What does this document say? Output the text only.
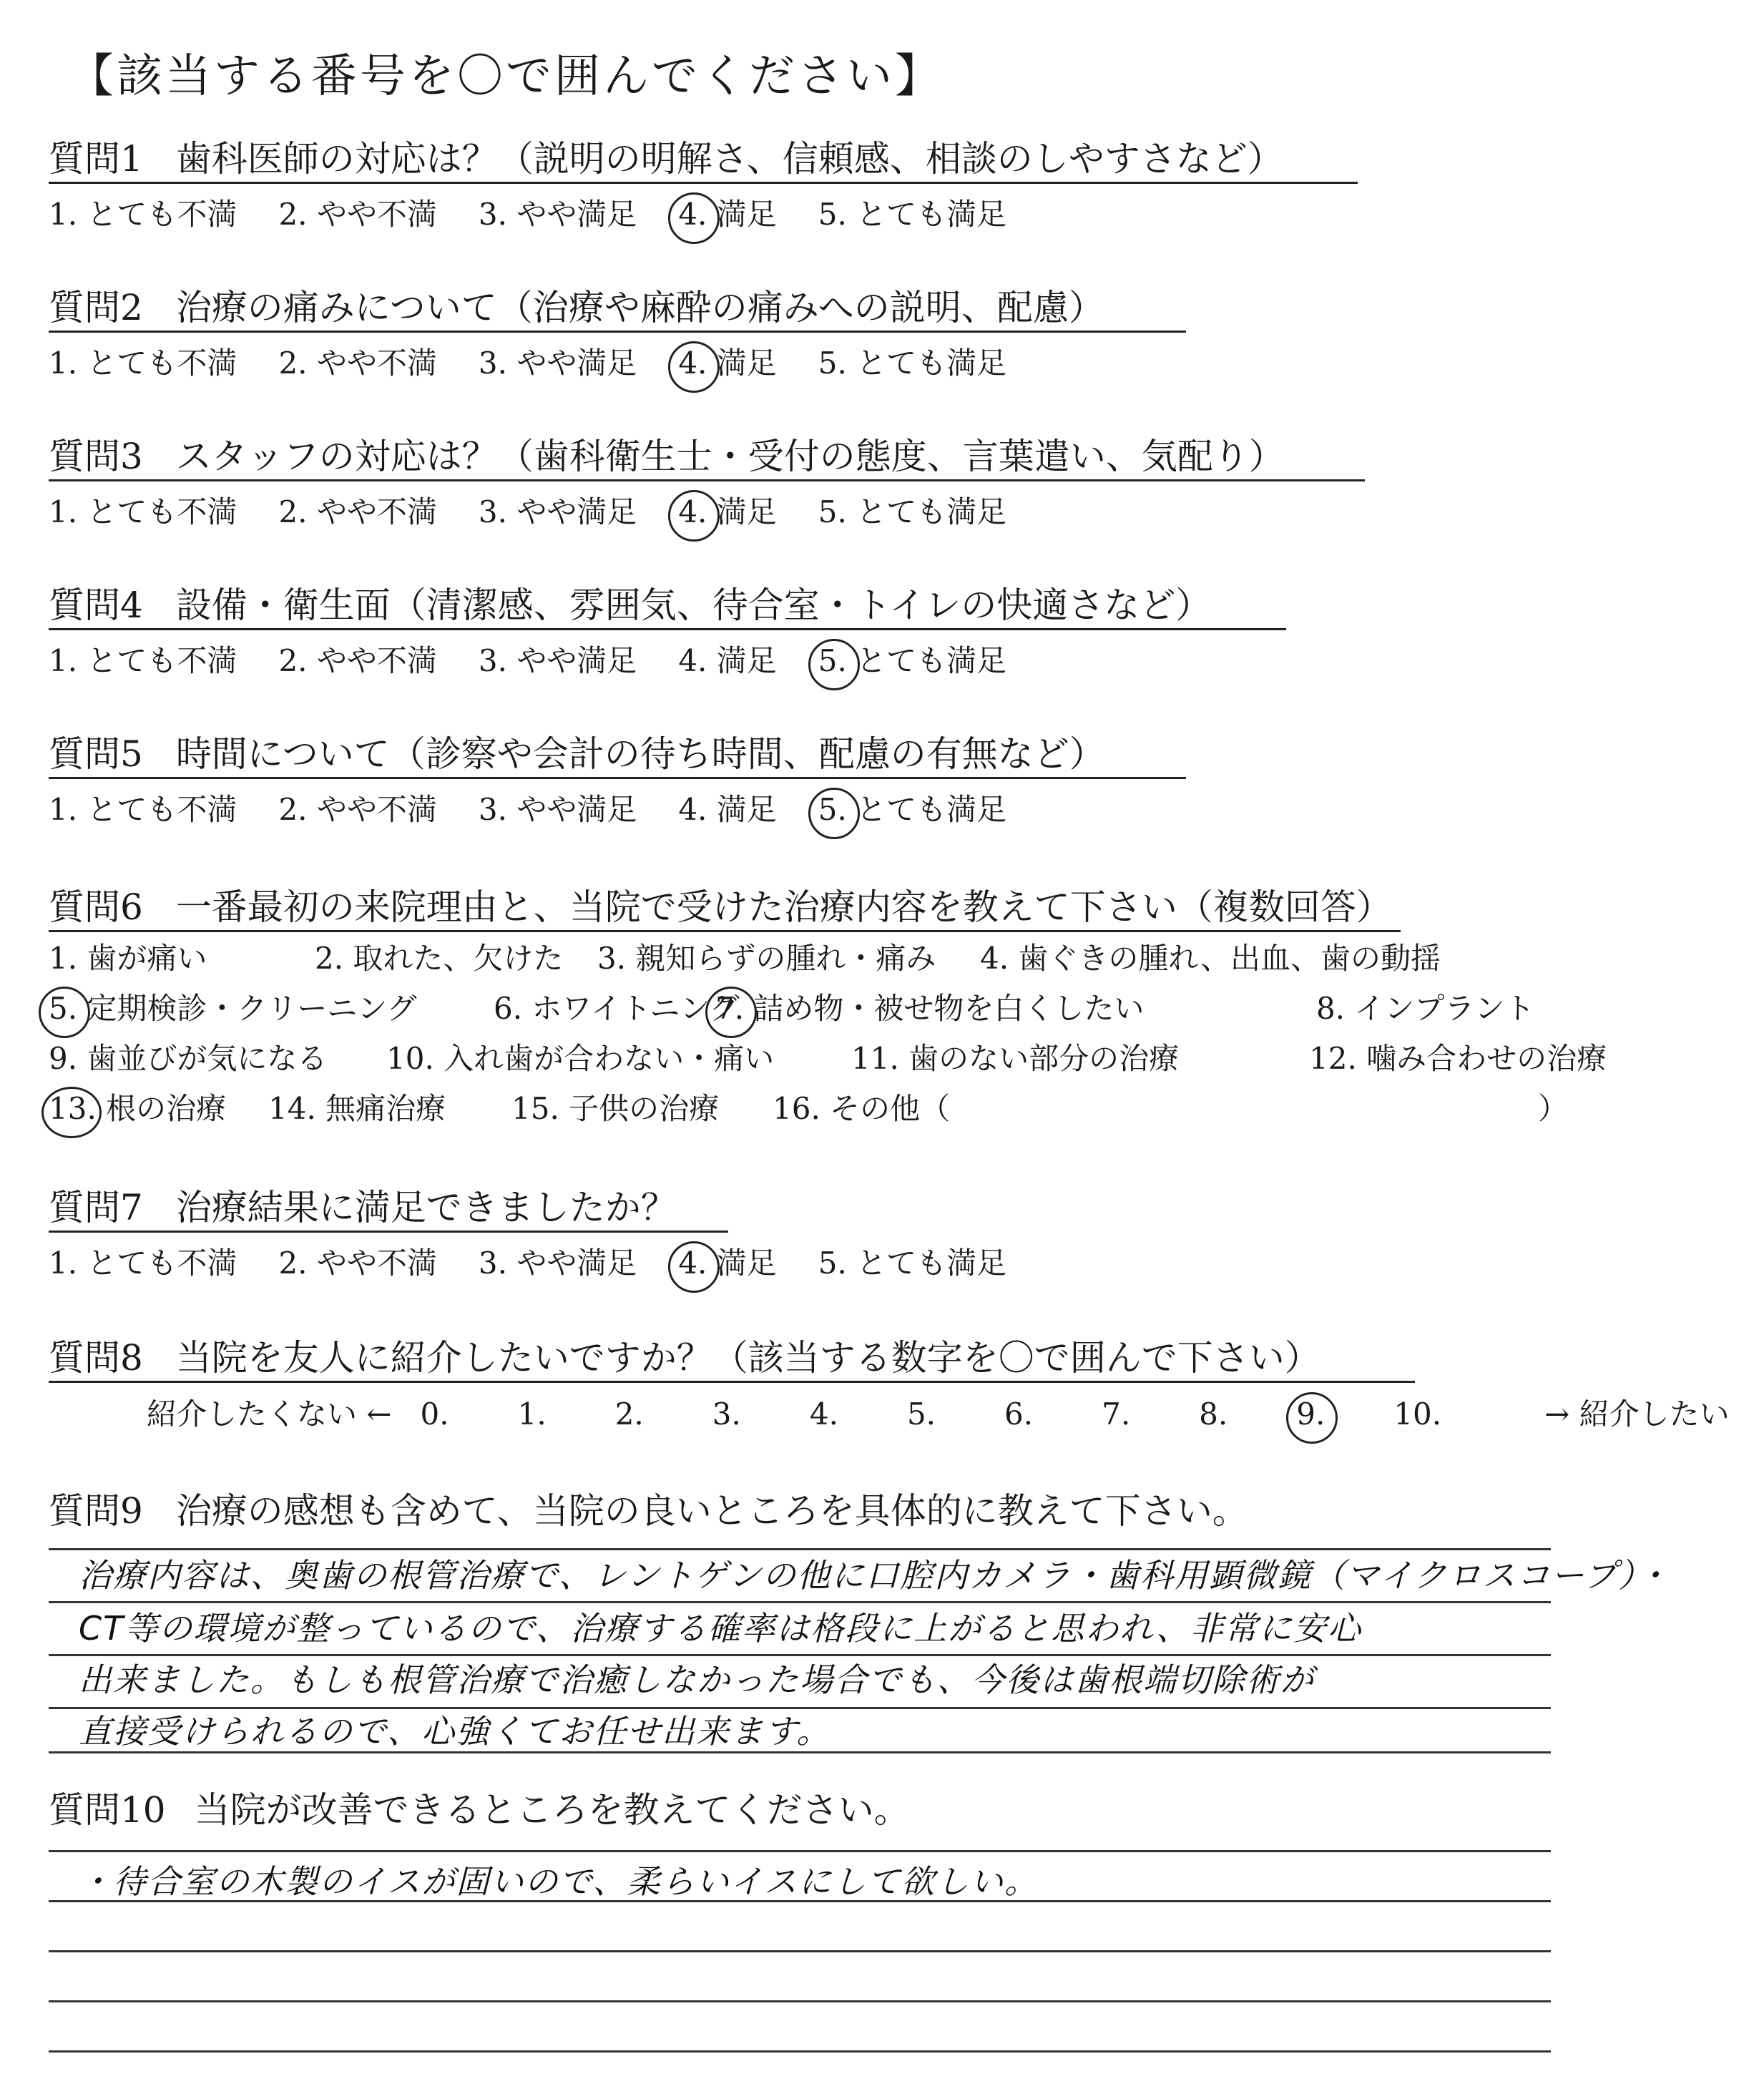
【該当する番号を〇で囲んでください】
質問1 歯科医師の対応は？（説明の明解さ、信頼感、相談のしやすさなど）
1. とても不満 2. やや不満 3. やや満足 4. 満足 5. とても満足
質問2 治療の痛みについて（治療や麻酔の痛みへの説明、配慮）
1. とても不満 2. やや不満 3. やや満足 4. 満足 5. とても満足
質問3 スタッフの対応は？（歯科衛生士・受付の態度、言葉遣い、気配り）
1. とても不満 2. やや不満 3. やや満足 4. 満足 5. とても満足
質問4 設備・衛生面（清潔感、雰囲気、待合室・トイレの快適さなど）
1. とても不満 2. やや不満 3. やや満足 4. 満足 5. とても満足
質問5 時間について（診察や会計の待ち時間、配慮の有無など）
1. とても不満 2. やや不満 3. やや満足 4. 満足 5. とても満足
質問6 一番最初の来院理由と、当院で受けた治療内容を教えて下さい（複数回答）
1. 歯が痛い	2. 取れた、欠けた 3. 親知らずの腫れ・痛み 4. 歯ぐきの腫れ、出血、歯の動揺
5. 定期検診・クリーニング	6. ホワイトニング
7. 詰め物・被せ物を白くしたい	8. インプラント
9. 歯並びが気になる 10. 入れ歯が合わない・痛い	11. 歯のない部分の治療	12. 噛み合わせの治療
13. 根の治療 14. 無痛治療 15. 子供の治療 16. その他（	）
質問7 治療結果に満足できましたか？
1. とても不満 2. やや不満 3. やや満足 4. 満足 5. とても満足
質問8 当院を友人に紹介したいですか？（該当する数字を〇で囲んで下さい）
紹介したくない ← 0. 1. 2. 3. 4. 5. 6. 7. 8. 9. 10.	→ 紹介したい
質問9 治療の感想も含めて、当院の良いところを具体的に教えて下さい。
治療内容は、奥歯の根管治療で、レントゲンの他に口腔内カメラ・歯科用顕微鏡（マイクロスコープ）・
CT等の環境が整っているので、治療する確率は格段に上がると思われ、非常に安心
出来ました。もしも根管治療で治癒しなかった場合でも、今後は歯根端切除術が
直接受けられるので、心強くてお任せ出来ます。
質問10 当院が改善できるところを教えてください。
・待合室の木製のイスが固いので、柔らいイスにして欲しい。
